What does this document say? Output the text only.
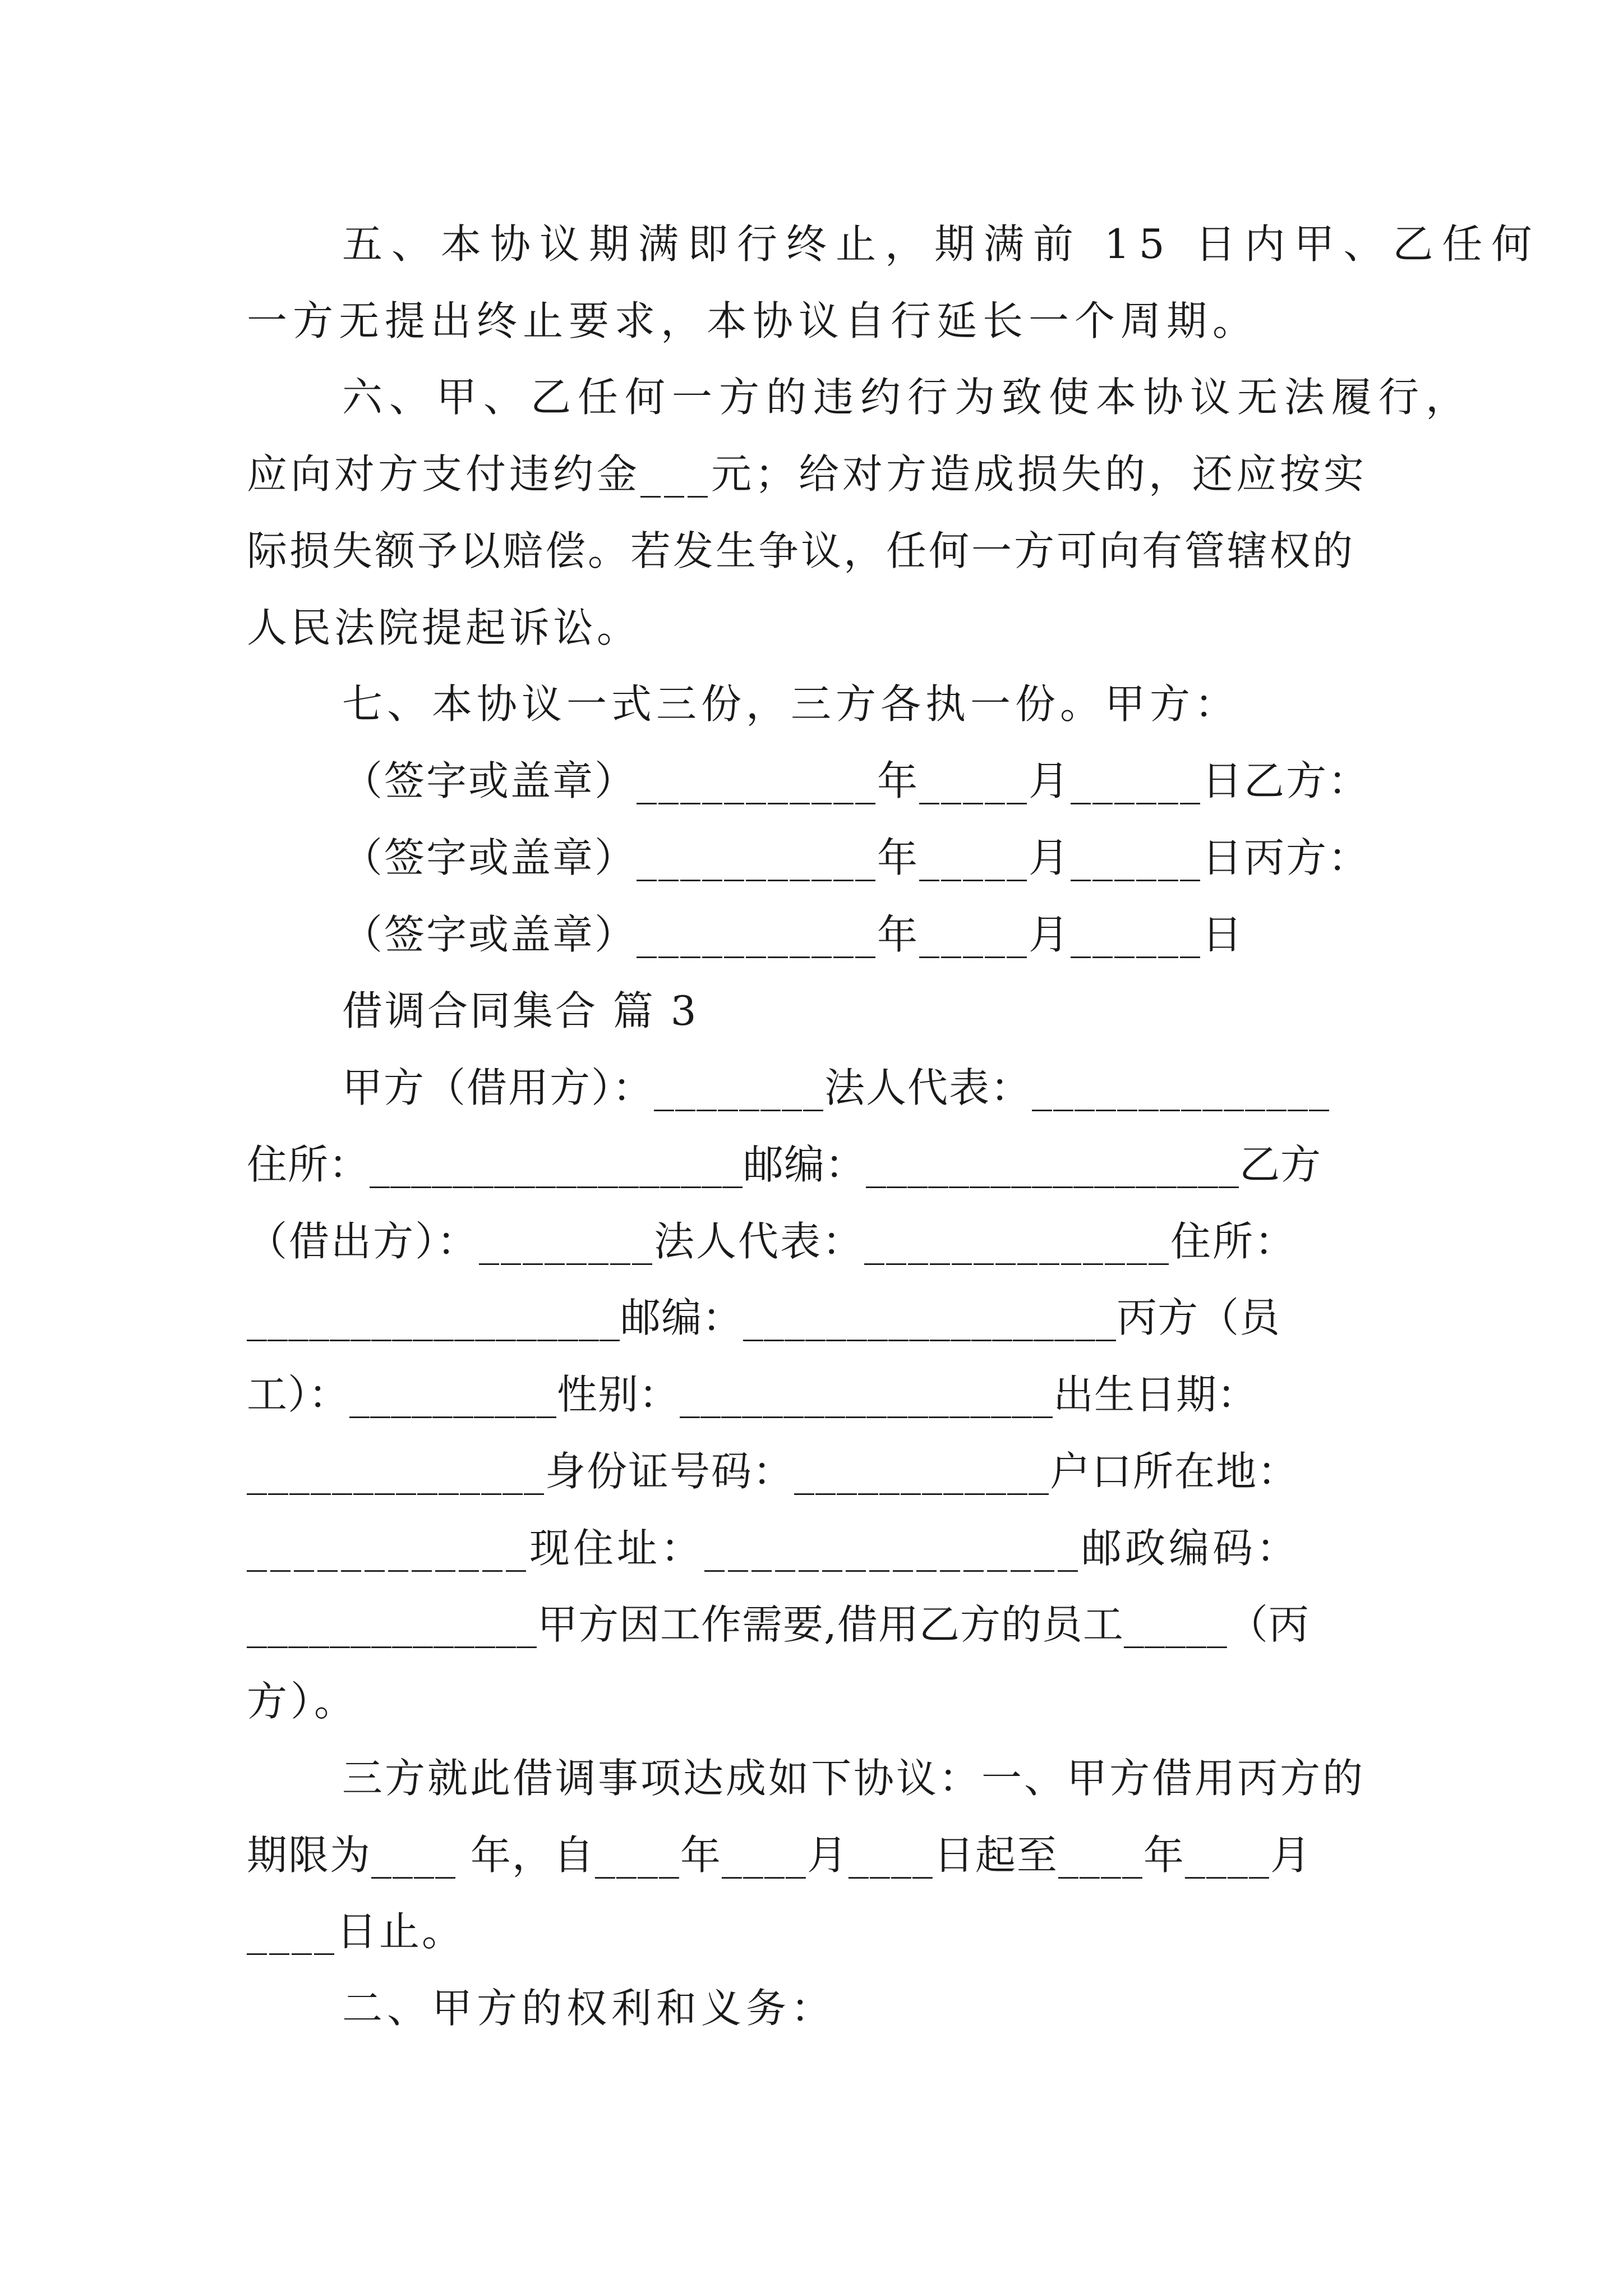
五、本协议期满即行终止，期满前 15 日内甲、乙任何
一方无提出终止要求，本协议自行延长一个周期。
六、甲、乙任何一方的违约行为致使本协议无法履行，
应向对方支付违约金___元；给对方造成损失的，还应按实
际损失额予以赔偿。若发生争议，任何一方可向有管辖权的
人民法院提起诉讼。
七、本协议一式三份，三方各执一份。甲方：
（签字或盖章）___________年_____月______日乙方：
（签字或盖章）___________年_____月______日丙方：
（签字或盖章）___________年_____月______日
借调合同集合 篇 3
甲方（借用方）：________法人代表：______________
住所：__________________邮编：__________________乙方
（借出方）：________法人代表：______________住所：
__________________邮编：__________________丙方（员
工）：__________性别：__________________出生日期：
______________身份证号码：____________户口所在地：
____________现住址：________________邮政编码：
______________甲方因工作需要,借用乙方的员工_____（丙
方）。
三方就此借调事项达成如下协议：一、甲方借用丙方的
期限为____ 年，自____年____月____日起至____年____月
____日止。
二、甲方的权利和义务：
